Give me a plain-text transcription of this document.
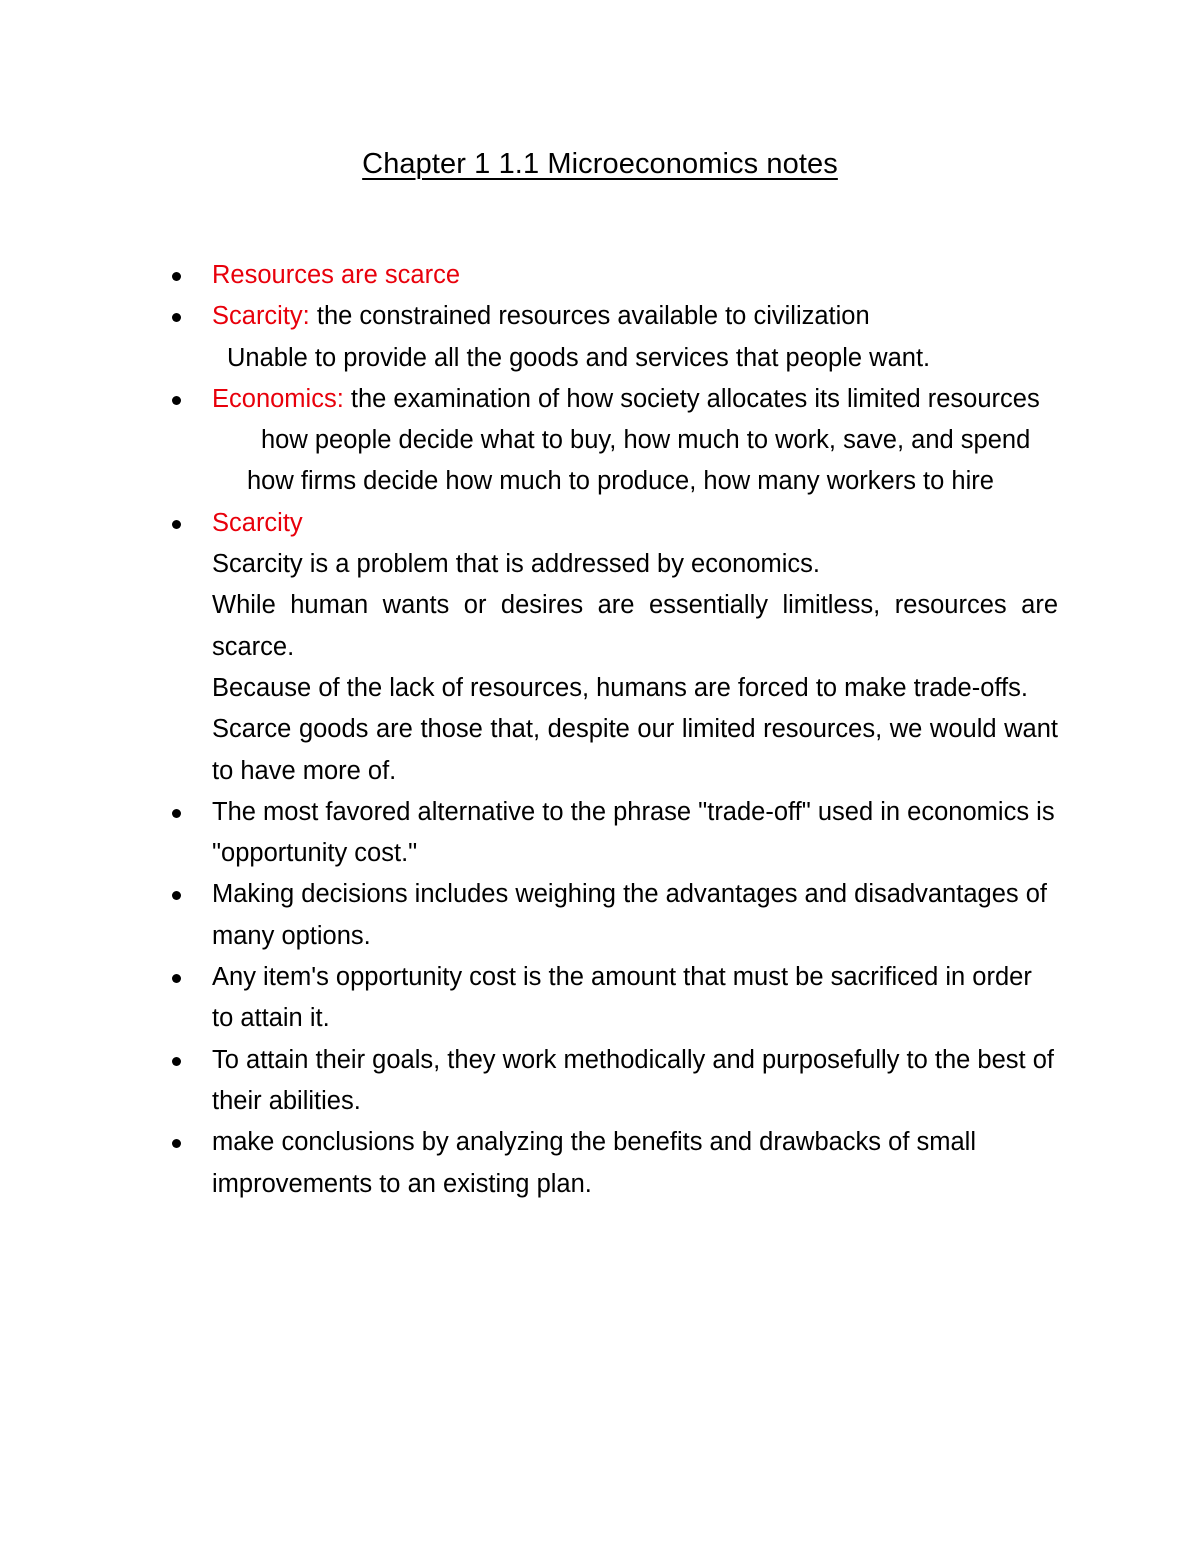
Chapter 1 1.1 Microeconomics notes
Resources are scarce
Scarcity: the constrained resources available to civilization
Unable to provide all the goods and services that people want.
Economics: the examination of how society allocates its limited resources
how people decide what to buy, how much to work, save, and spend
how firms decide how much to produce, how many workers to hire
Scarcity
Scarcity is a problem that is addressed by economics.
While human wants or desires are essentially limitless, resources are scarce.
Because of the lack of resources, humans are forced to make trade-offs.
Scarce goods are those that, despite our limited resources, we would want to have more of.
The most favored alternative to the phrase "trade-off" used in economics is "opportunity cost."
Making decisions includes weighing the advantages and disadvantages of many options.
Any item's opportunity cost is the amount that must be sacrificed in order to attain it.
To attain their goals, they work methodically and purposefully to the best of their abilities.
make conclusions by analyzing the benefits and drawbacks of small improvements to an existing plan.
